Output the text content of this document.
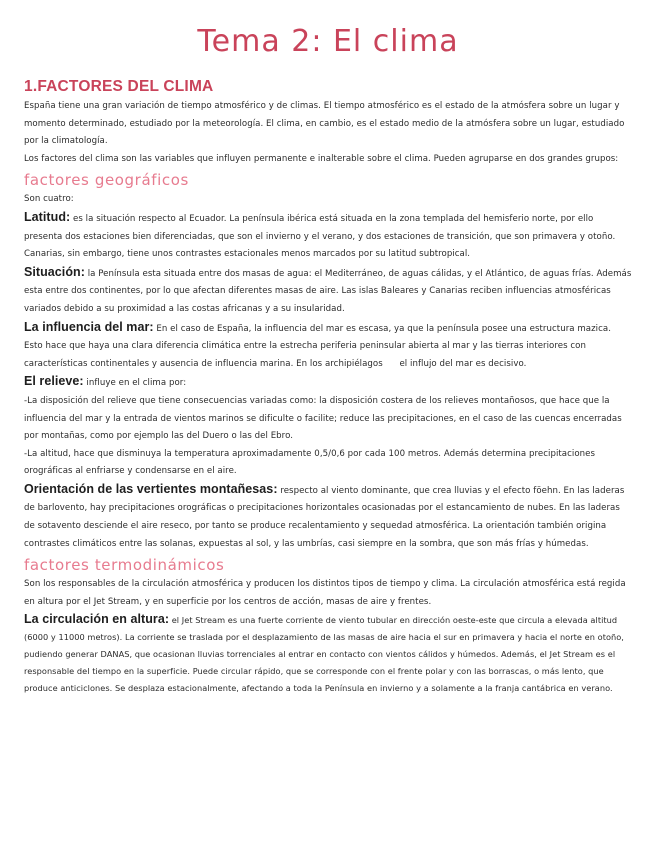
Tema 2: El clima
1.FACTORES DEL CLIMA

España tiene una gran variación de tiempo atmosférico y de climas. El tiempo atmosférico es el estado de la atmósfera sobre un lugar y momento determinado, estudiado por la meteorología. El clima, en cambio, es el estado medio de la atmósfera sobre un lugar, estudiado por la climatología.

Los factores del clima son las variables que influyen permanente e inalterable sobre el clima. Pueden agruparse en dos grandes grupos:

factores geográficos

Son cuatro:

Latitud: es la situación respecto al Ecuador. La península ibérica está situada en la zona templada del hemisferio norte, por ello presenta dos estaciones bien diferenciadas, que son el invierno y el verano, y dos estaciones de transición, que son primavera y otoño. Canarias, sin embargo, tiene unos contrastes estacionales menos marcados por su latitud subtropical.

Situación: la Península esta situada entre dos masas de agua: el Mediterráneo, de aguas cálidas, y el Atlántico, de aguas frías. Además esta entre dos continentes, por lo que afectan diferentes masas de aire. Las islas Baleares y Canarias reciben influencias atmosféricas variados debido a su proximidad a las costas africanas y a su insularidad.

La influencia del mar: En el caso de España, la influencia del mar es escasa, ya que la península posee una estructura mazica. Esto hace que haya una clara diferencia climática entre la estrecha periferia peninsular abierta al mar y las tierras interiores con características continentales y ausencia de influencia marina. En los archipiélagos      el influjo del mar es decisivo.

El relieve: influye en el clima por:

-La disposición del relieve que tiene consecuencias variadas como: la disposición costera de los relieves montañosos, que hace que la influencia del mar y la entrada de vientos marinos se dificulte o facilite; reduce las precipitaciones, en el caso de las cuencas encerradas por montañas, como por ejemplo las del Duero o las del Ebro.

-La altitud, hace que disminuya la temperatura aproximadamente 0,5/0,6 por cada 100 metros. Además determina precipitaciones orográficas al enfriarse y condensarse en el aire.

Orientación de las vertientes montañesas: respecto al viento dominante, que crea lluvias y el efecto föehn. En las laderas de barlovento, hay precipitaciones orográficas o precipitaciones horizontales ocasionadas por el estancamiento de nubes. En las laderas de sotavento desciende el aire reseco, por tanto se produce recalentamiento y sequedad atmosférica. La orientación también origina contrastes climáticos entre las solanas, expuestas al sol, y las umbrías, casi siempre en la sombra, que son más frías y húmedas.

factores termodinámicos

Son los responsables de la circulación atmosférica y producen los distintos tipos de tiempo y clima. La circulación atmosférica está regida en altura por el Jet Stream, y en superficie por los centros de acción, masas de aire y frentes.

La circulación en altura: el Jet Stream es una fuerte corriente de viento tubular en dirección oeste-este que circula a elevada altitud (6000 y 11000 metros). La corriente se traslada por el desplazamiento de las masas de aire hacia el sur en primavera y hacia el norte en otoño, pudiendo generar DANAS, que ocasionan lluvias torrenciales al entrar en contacto con vientos cálidos y húmedos. Además, el Jet Stream es el responsable del tiempo en la superficie. Puede circular rápido, que se corresponde con el frente polar y con las borrascas, o más lento, que produce anticiclones. Se desplaza estacionalmente, afectando a toda la Península en invierno y a solamente a la franja cantábrica en verano.
